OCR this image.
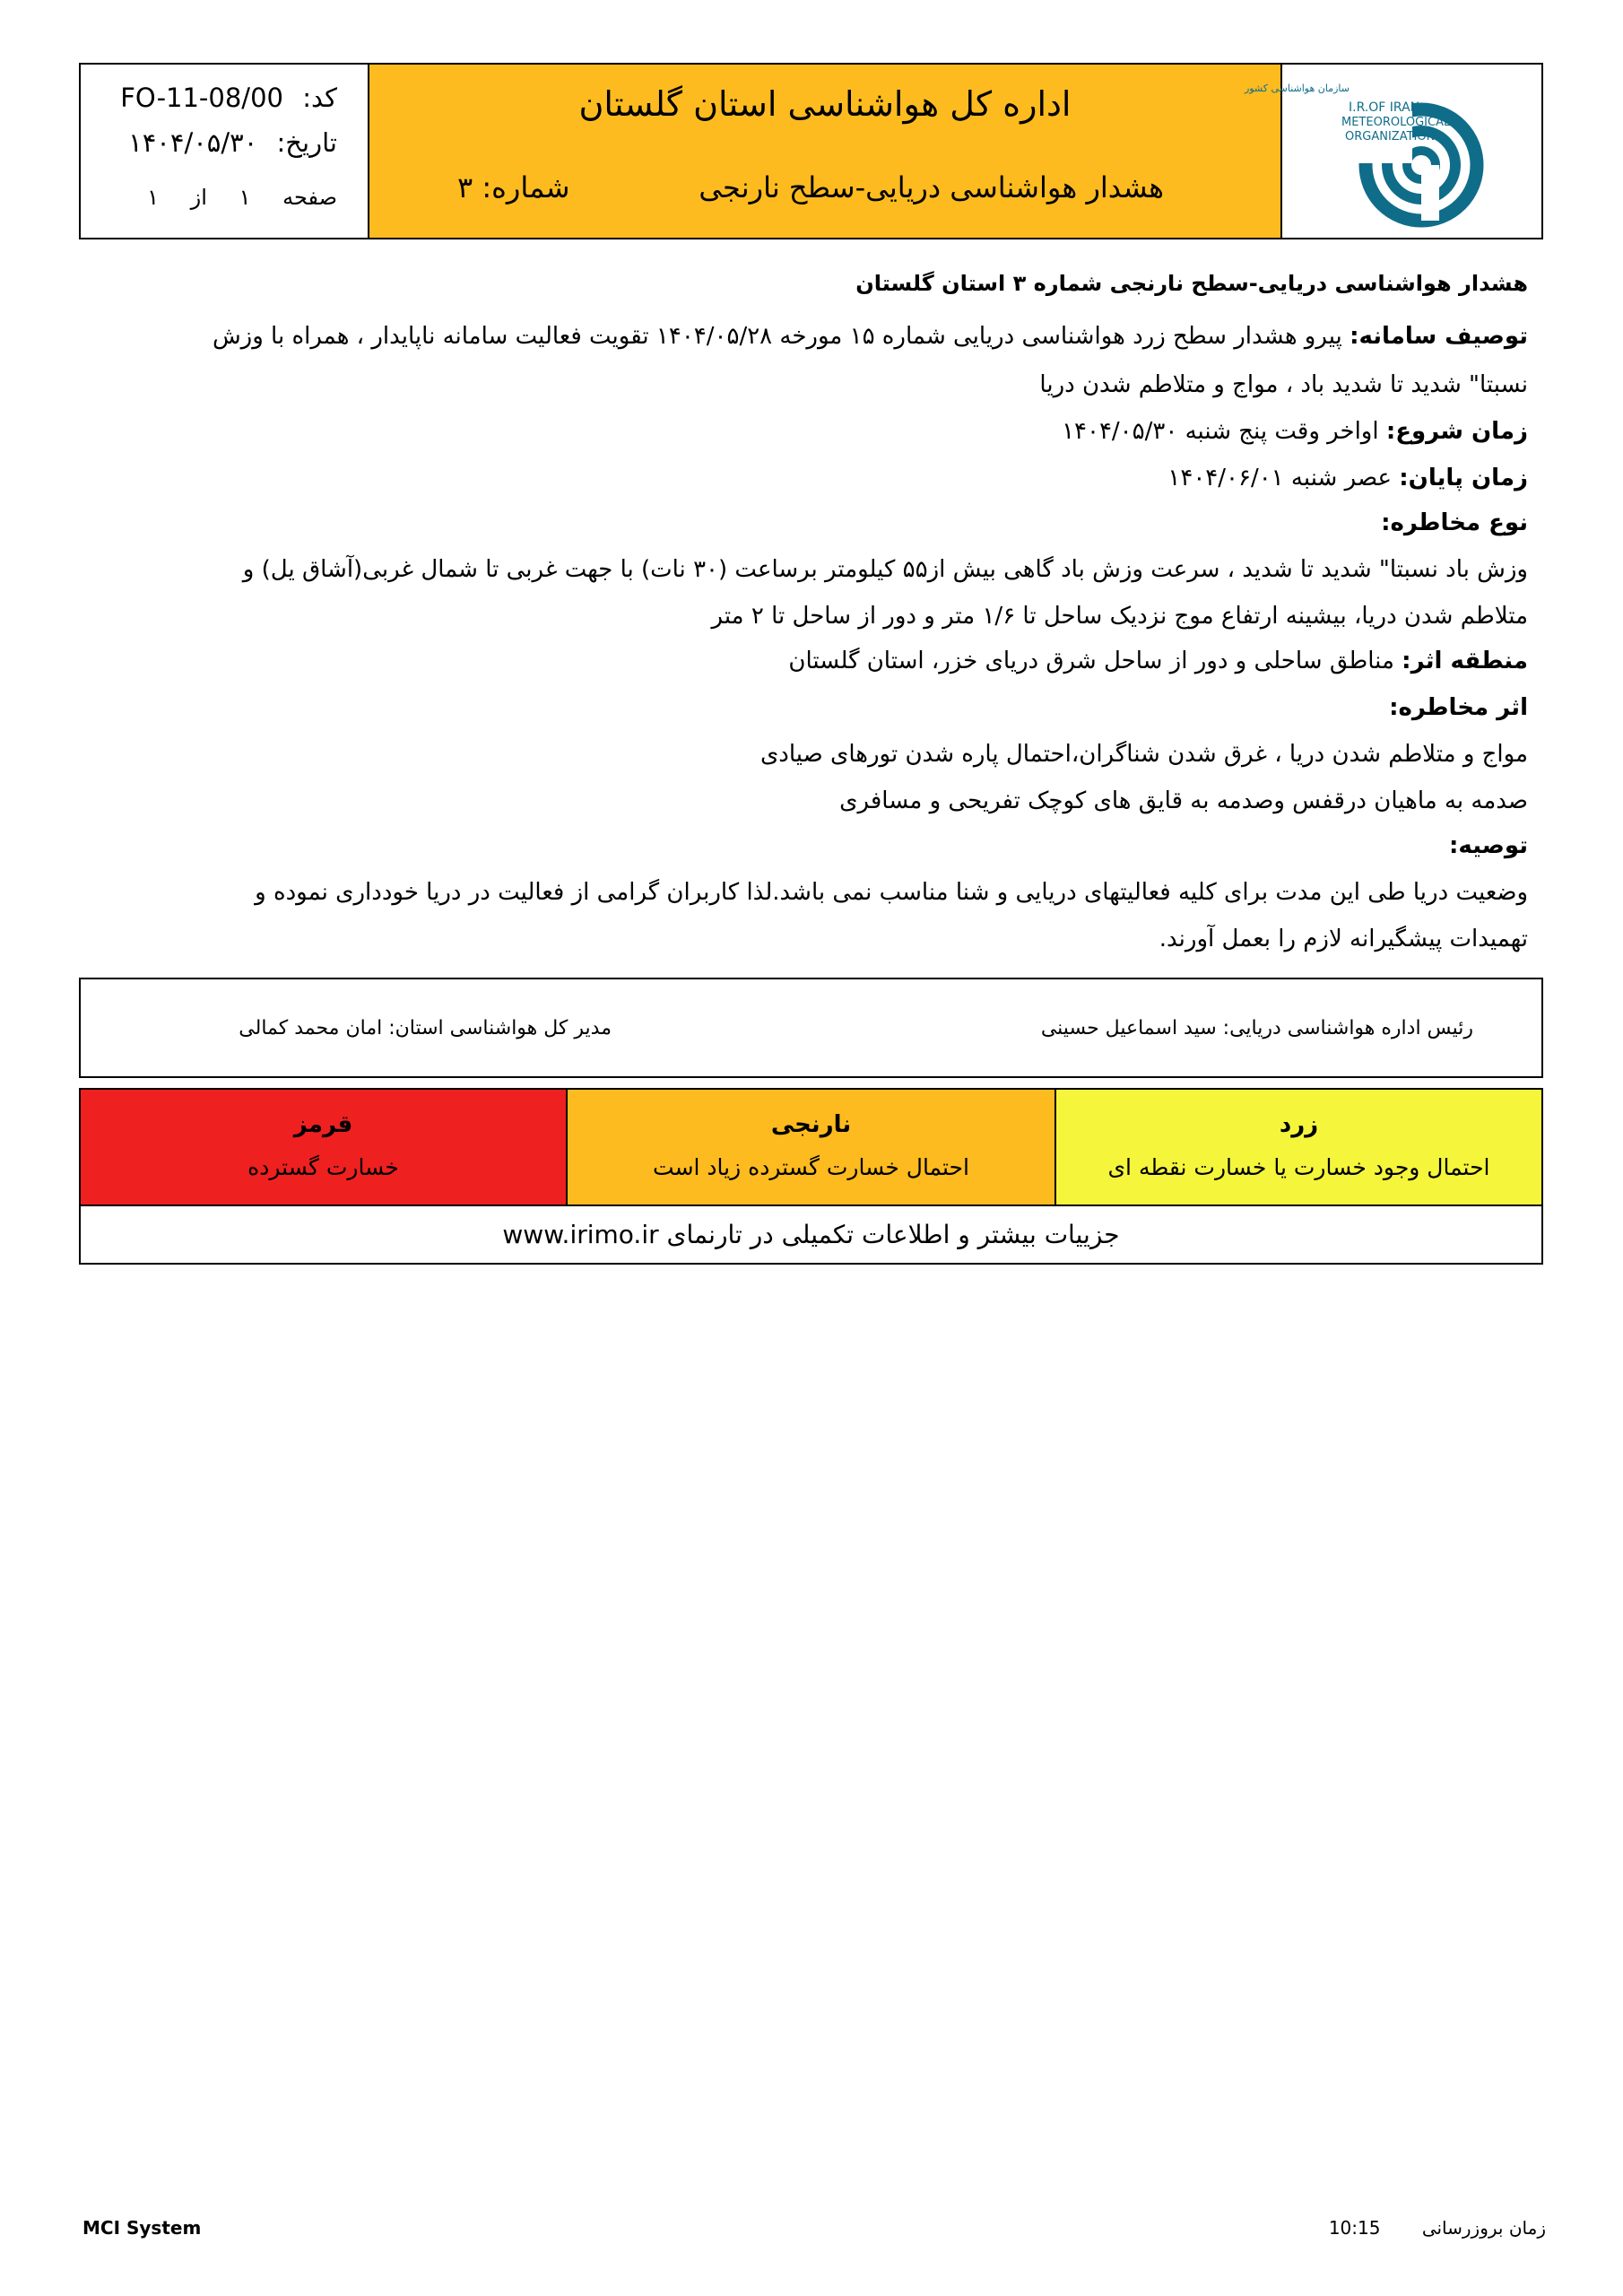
کد: FO-11-08/00
تاریخ: ۱۴۰۴/۰۵/۳۰
صفحه ۱ از ۱
اداره کل هواشناسی استان گلستان
هشدار هواشناسی دریایی-سطح نارنجی
شماره: ۳
سازمان هواشناسی کشور
I.R.OF IRAN
METEOROLOGICAL
ORGANIZATION
هشدار هواشناسی دریایی-سطح نارنجی شماره ۳ استان گلستان
توصیف سامانه: پیرو هشدار سطح زرد هواشناسی دریایی شماره ۱۵ مورخه ۱۴۰۴/۰۵/۲۸ تقویت فعالیت سامانه ناپایدار ، همراه با وزش
نسبتا" شدید تا شدید باد ، مواج و متلاطم شدن دریا
زمان شروع: اواخر وقت پنج شنبه ۱۴۰۴/۰۵/۳۰
زمان پایان: عصر شنبه ۱۴۰۴/۰۶/۰۱
نوع مخاطره:
وزش باد نسبتا" شدید تا شدید ، سرعت وزش باد گاهی بیش از۵۵ کیلومتر برساعت (۳۰ نات) با جهت غربی تا شمال غربی(آشاق یل) و
متلاطم شدن دریا، بیشینه ارتفاع موج نزدیک ساحل تا ۱/۶ متر و دور از ساحل تا ۲ متر
منطقه اثر: مناطق ساحلی و دور از ساحل شرق دریای خزر، استان گلستان
اثر مخاطره:
مواج و متلاطم شدن دریا ، غرق شدن شناگران،احتمال پاره شدن تورهای صیادی
صدمه به ماهیان درقفس وصدمه به قایق های کوچک تفریحی و مسافری
توصیه:
وضعیت دریا طی این مدت برای کلیه فعالیتهای دریایی و شنا مناسب نمی باشد.لذا کاربران گرامی از فعالیت در دریا خودداری نموده و
تهمیدات پیشگیرانه لازم را بعمل آورند.
رئیس اداره هواشناسی دریایی: سید اسماعیل حسینی
مدیر کل هواشناسی استان: امان محمد کمالی
زرد
احتمال وجود خسارت یا خسارت نقطه ای
نارنجی
احتمال خسارت گسترده زیاد است
قرمز
خسارت گسترده
جزییات بیشتر و اطلاعات تکمیلی در تارنمای www.irimo.ir
MCI System	زمان بروزرسانی 10:15
